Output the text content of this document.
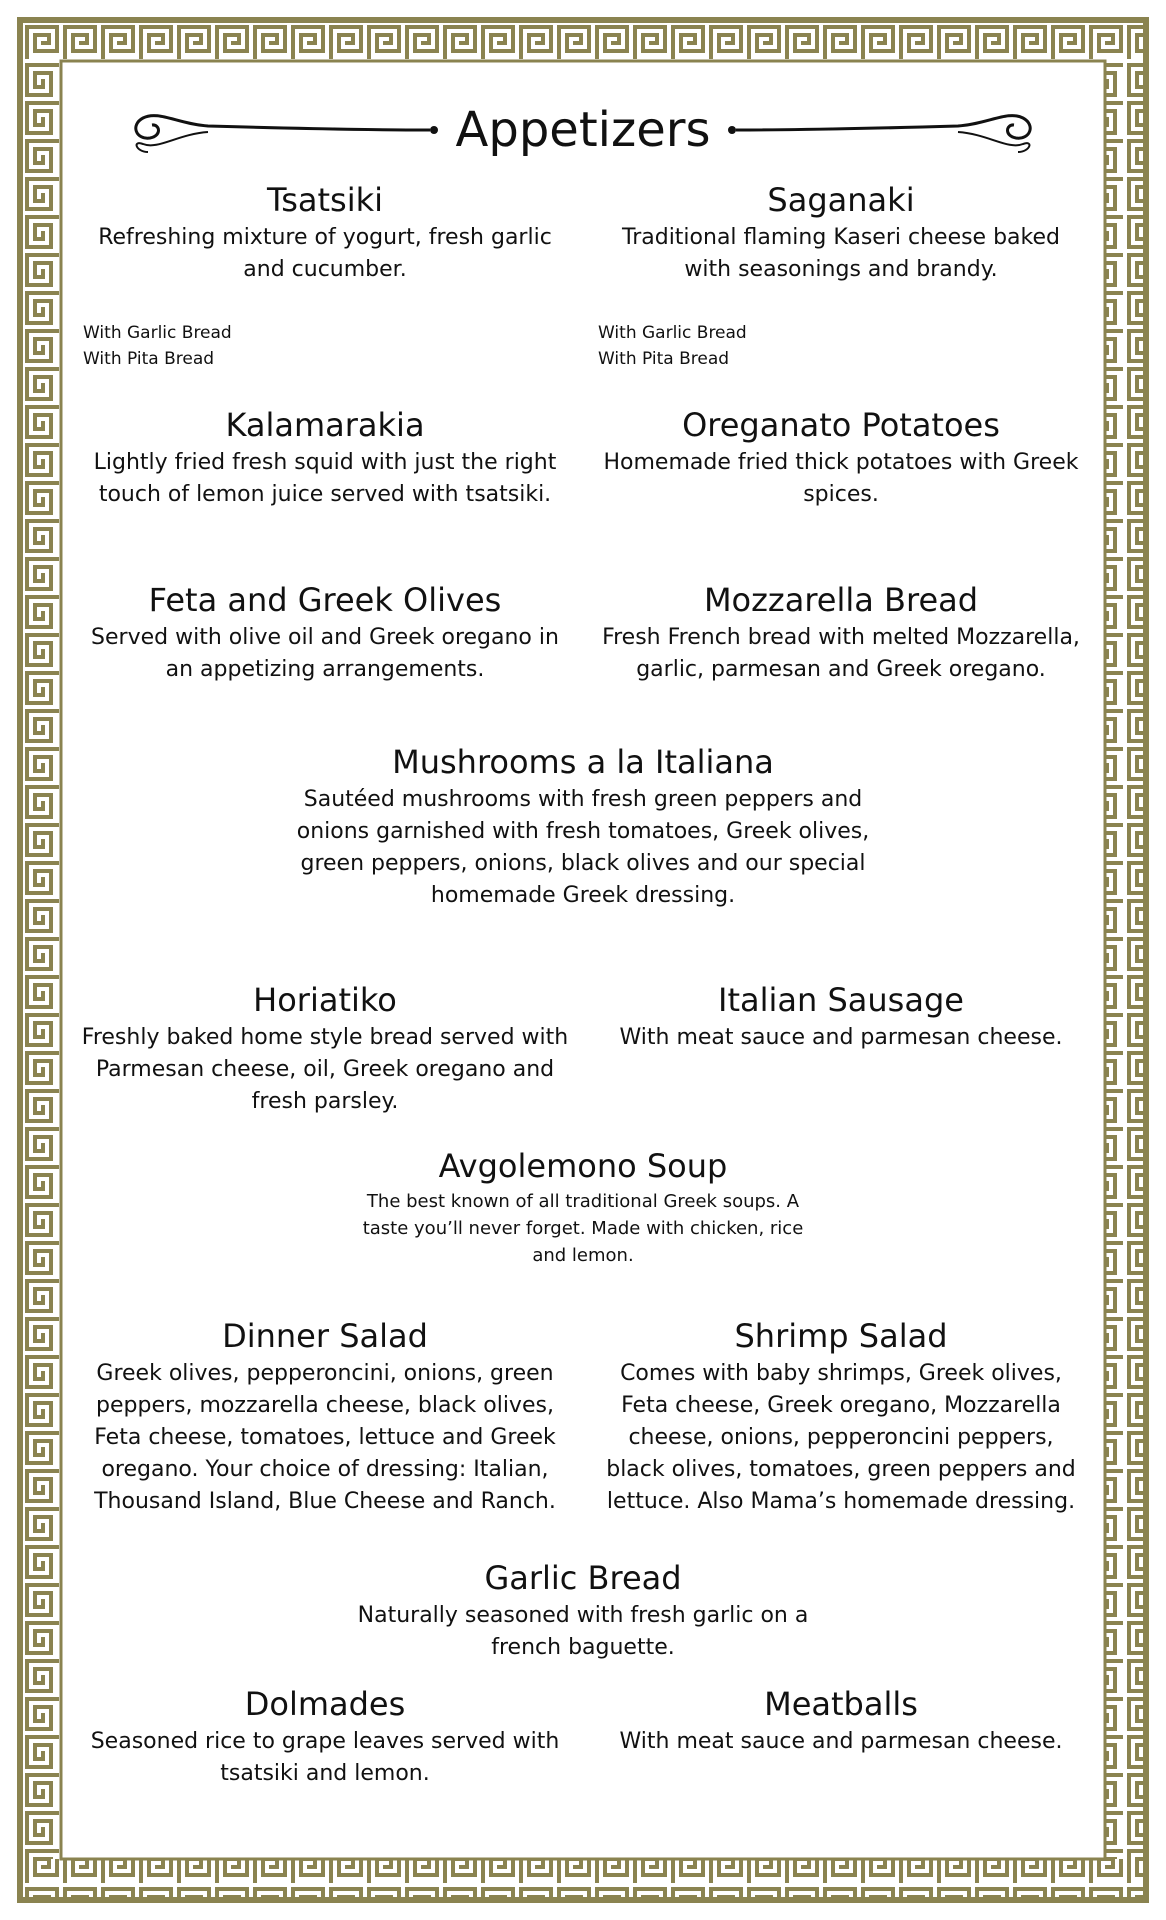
Appetizers
Tsatsiki

Refreshing mixture of yogurt, fresh garlic and cucumber.

With Garlic Bread
With Pita Bread
Saganaki

Traditional flaming Kaseri cheese baked with seasonings and brandy.

With Garlic Bread
With Pita Bread
Kalamarakia

Lightly fried fresh squid with just the right touch of lemon juice served with tsatsiki.

Oreganato Potatoes

Homemade fried thick potatoes with Greek spices.

Feta and Greek Olives

Served with olive oil and Greek oregano in an appetizing arrangements.

Mozzarella Bread

Fresh French bread with melted Mozzarella, garlic, parmesan and Greek oregano.

Mushrooms a la Italiana

Sautéed mushrooms with fresh green peppers and onions garnished with fresh tomatoes, Greek olives, green peppers, onions, black olives and our special homemade Greek dressing.

Horiatiko

Freshly baked home style bread served with Parmesan cheese, oil, Greek oregano and fresh parsley.

Italian Sausage

With meat sauce and parmesan cheese.

Avgolemono Soup

The best known of all traditional Greek soups. A taste you’ll never forget. Made with chicken, rice and lemon.

Dinner Salad

Greek olives, pepperoncini, onions, green peppers, mozzarella cheese, black olives, Feta cheese, tomatoes, lettuce and Greek oregano. Your choice of dressing: Italian, Thousand Island, Blue Cheese and Ranch.

Shrimp Salad

Comes with baby shrimps, Greek olives, Feta cheese, Greek oregano, Mozzarella cheese, onions, pepperoncini peppers, black olives, tomatoes, green peppers and lettuce. Also Mama’s homemade dressing.

Garlic Bread

Naturally seasoned with fresh garlic on a french baguette.

Dolmades

Seasoned rice to grape leaves served with tsatsiki and lemon.

Meatballs

With meat sauce and parmesan cheese.
